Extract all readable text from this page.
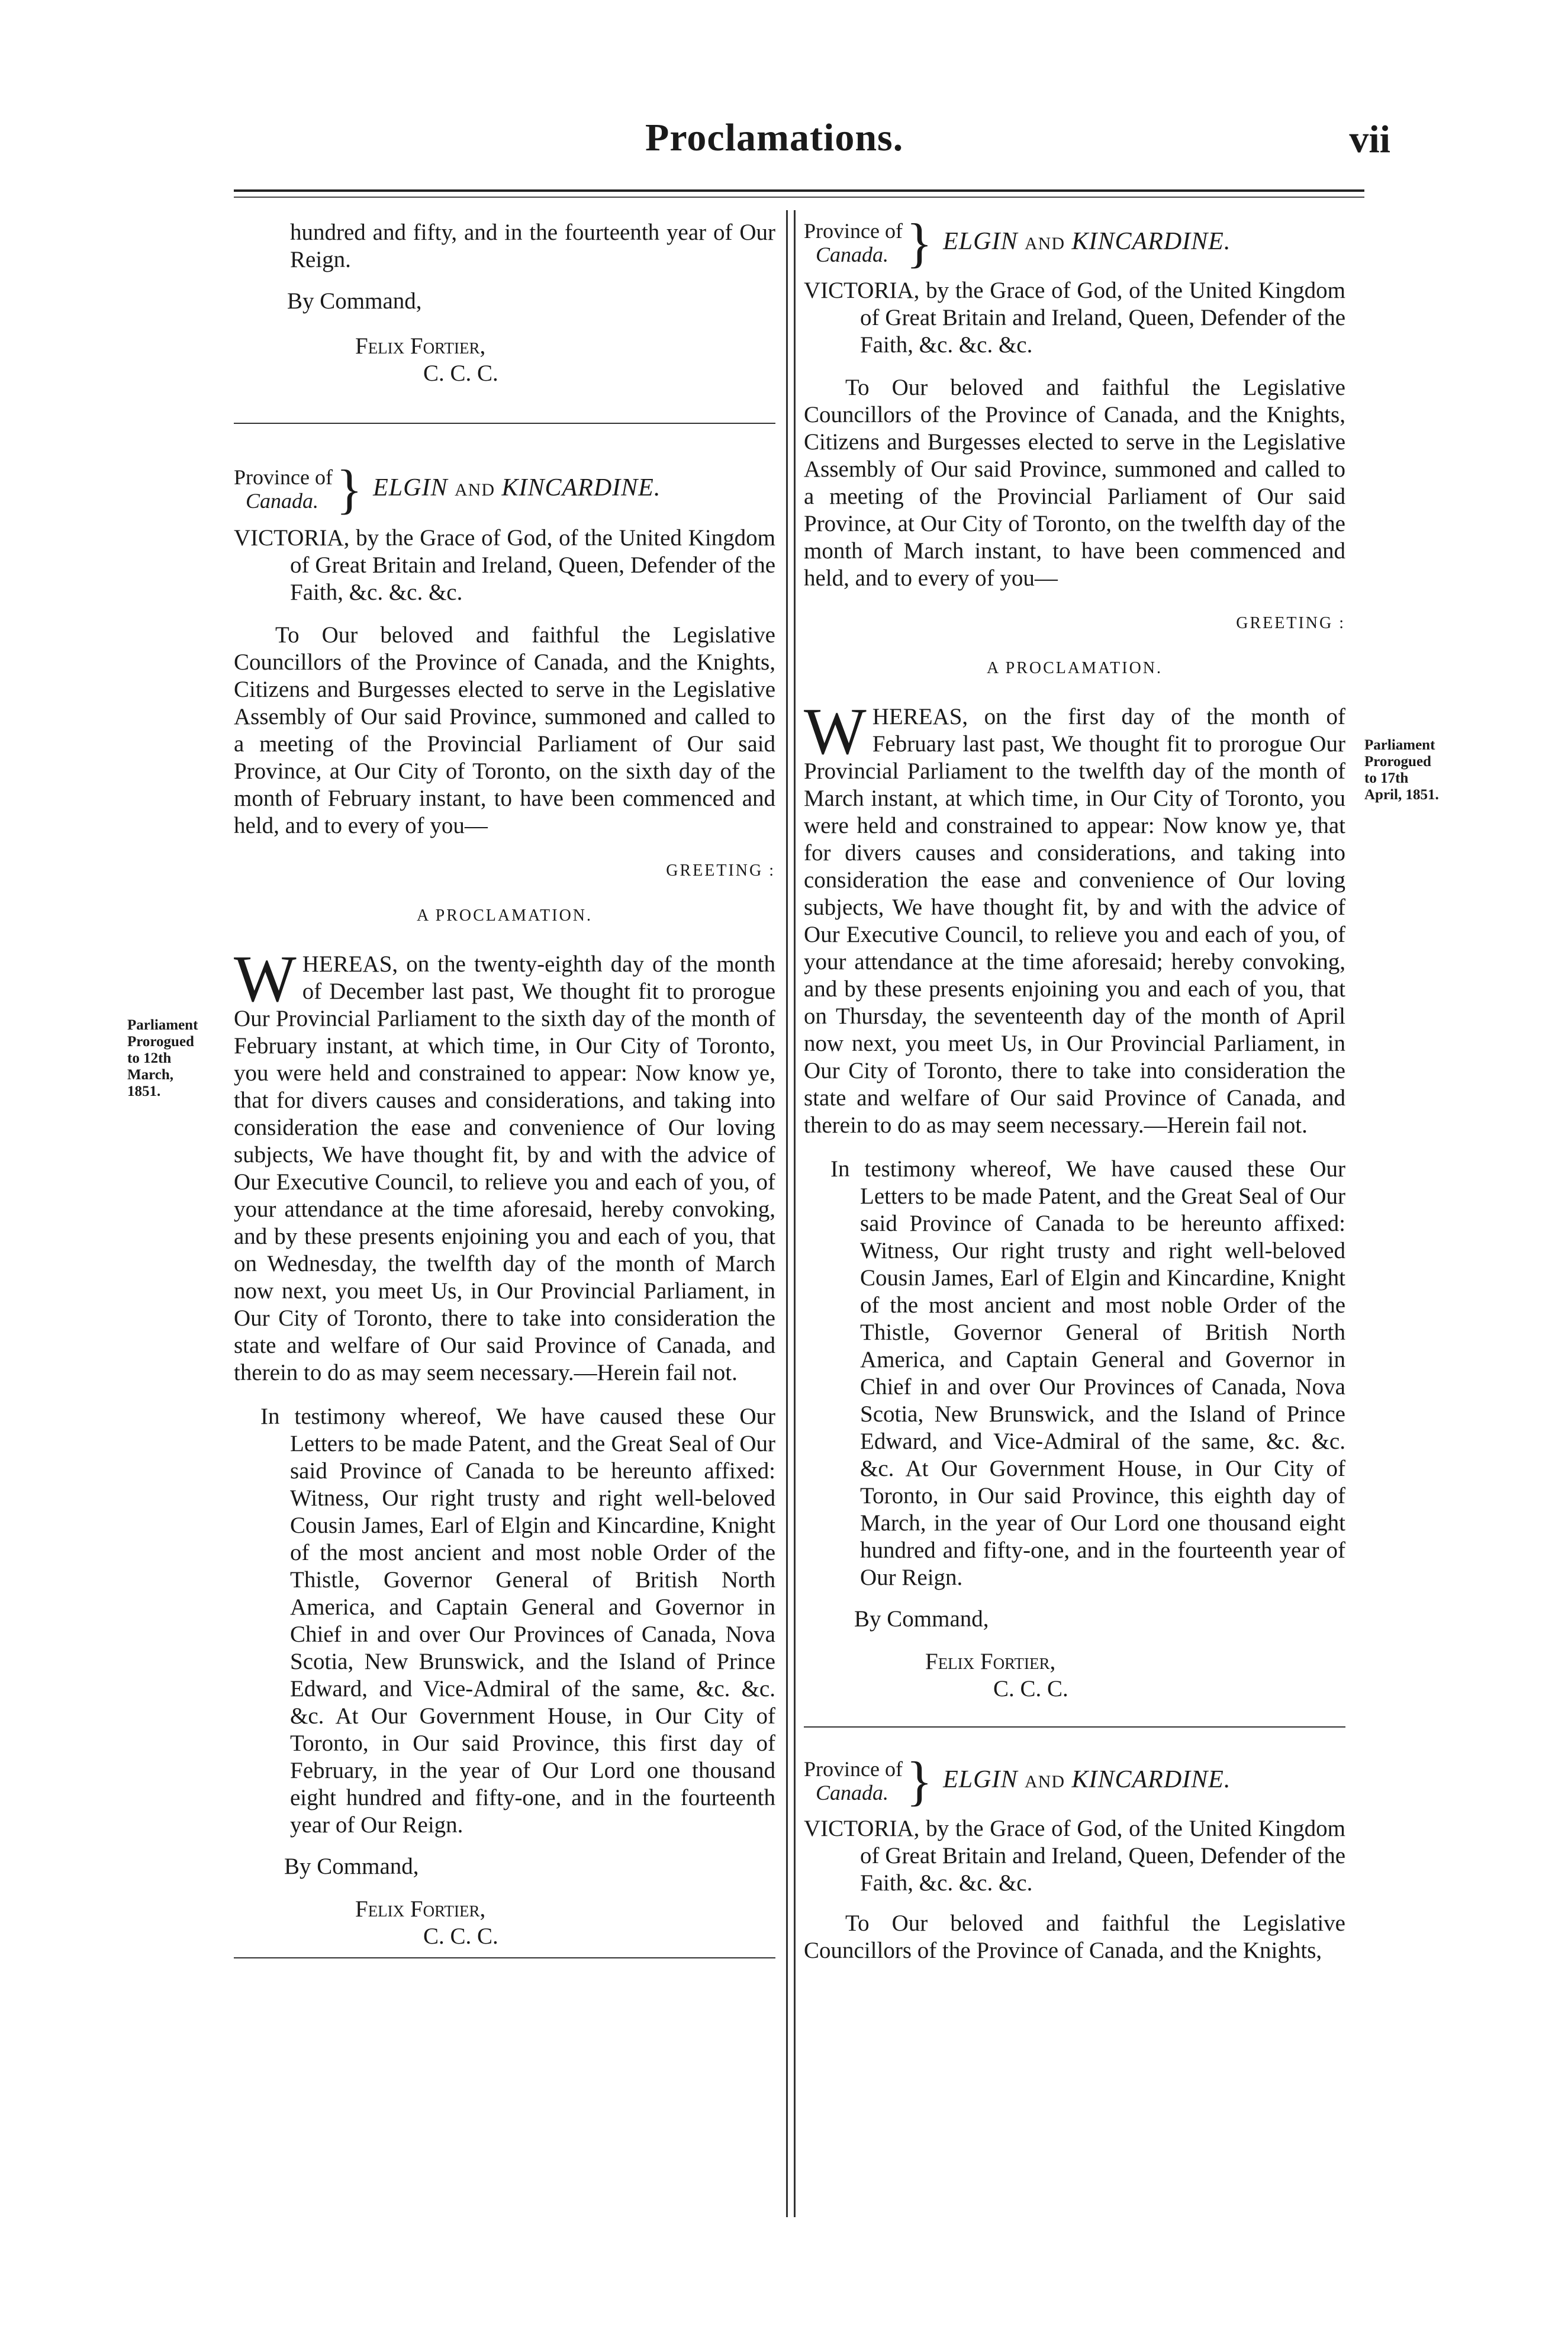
Proclamations.	vii
Parliament Prorogued to 12th March, 1851.
Parliament Prorogued to 17th April, 1851.

hundred and fifty, and in the fourteenth year of Our Reign.

By Command,

Felix Fortier,

C. C. C.

Province of
Canada. } ELGIN AND KINCARDINE.

VICTORIA, by the Grace of God, of the United Kingdom of Great Britain and Ireland, Queen, Defender of the Faith, &c. &c. &c.

To Our beloved and faithful the Legislative Councillors of the Province of Canada, and the Knights, Citizens and Burgesses elected to serve in the Legislative Assembly of Our said Province, summoned and called to a meeting of the Provincial Parliament of Our said Province, at Our City of Toronto, on the sixth day of the month of February instant, to have been commenced and held, and to every of you—

GREETING :
A PROCLAMATION.

WHEREAS, on the twenty-eighth day of the month of December last past, We thought fit to prorogue Our Provincial Parliament to the sixth day of the month of February instant, at which time, in Our City of Toronto, you were held and constrained to appear: Now know ye, that for divers causes and considerations, and taking into consideration the ease and convenience of Our loving subjects, We have thought fit, by and with the advice of Our Executive Council, to relieve you and each of you, of your attendance at the time aforesaid, hereby convoking, and by these presents enjoining you and each of you, that on Wednesday, the twelfth day of the month of March now next, you meet Us, in Our Provincial Parliament, in Our City of Toronto, there to take into consideration the state and welfare of Our said Province of Canada, and therein to do as may seem necessary.—Herein fail not.

In testimony whereof, We have caused these Our Letters to be made Patent, and the Great Seal of Our said Province of Canada to be hereunto affixed: Witness, Our right trusty and right well-beloved Cousin James, Earl of Elgin and Kincardine, Knight of the most ancient and most noble Order of the Thistle, Governor General of British North America, and Captain General and Governor in Chief in and over Our Provinces of Canada, Nova Scotia, New Brunswick, and the Island of Prince Edward, and Vice-Admiral of the same, &c. &c. &c. At Our Government House, in Our City of Toronto, in Our said Province, this first day of February, in the year of Our Lord one thousand eight hundred and fifty-one, and in the fourteenth year of Our Reign.

By Command,

Felix Fortier,

C. C. C.

Province of
Canada. } ELGIN AND KINCARDINE.

VICTORIA, by the Grace of God, of the United Kingdom of Great Britain and Ireland, Queen, Defender of the Faith, &c. &c. &c.

To Our beloved and faithful the Legislative Councillors of the Province of Canada, and the Knights, Citizens and Burgesses elected to serve in the Legislative Assembly of Our said Province, summoned and called to a meeting of the Provincial Parliament of Our said Province, at Our City of Toronto, on the twelfth day of the month of March instant, to have been commenced and held, and to every of you—

GREETING :
A PROCLAMATION.

WHEREAS, on the first day of the month of February last past, We thought fit to prorogue Our Provincial Parliament to the twelfth day of the month of March instant, at which time, in Our City of Toronto, you were held and constrained to appear: Now know ye, that for divers causes and considerations, and taking into consideration the ease and convenience of Our loving subjects, We have thought fit, by and with the advice of Our Executive Council, to relieve you and each of you, of your attendance at the time aforesaid; hereby convoking, and by these presents enjoining you and each of you, that on Thursday, the seventeenth day of the month of April now next, you meet Us, in Our Provincial Parliament, in Our City of Toronto, there to take into consideration the state and welfare of Our said Province of Canada, and therein to do as may seem necessary.—Herein fail not.

In testimony whereof, We have caused these Our Letters to be made Patent, and the Great Seal of Our said Province of Canada to be hereunto affixed: Witness, Our right trusty and right well-beloved Cousin James, Earl of Elgin and Kincardine, Knight of the most ancient and most noble Order of the Thistle, Governor General of British North America, and Captain General and Governor in Chief in and over Our Provinces of Canada, Nova Scotia, New Brunswick, and the Island of Prince Edward, and Vice-Admiral of the same, &c. &c. &c. At Our Government House, in Our City of Toronto, in Our said Province, this eighth day of March, in the year of Our Lord one thousand eight hundred and fifty-one, and in the fourteenth year of Our Reign.

By Command,

Felix Fortier,

C. C. C.

Province of
Canada. } ELGIN AND KINCARDINE.

VICTORIA, by the Grace of God, of the United Kingdom of Great Britain and Ireland, Queen, Defender of the Faith, &c. &c. &c.

To Our beloved and faithful the Legislative Councillors of the Province of Canada, and the Knights,
